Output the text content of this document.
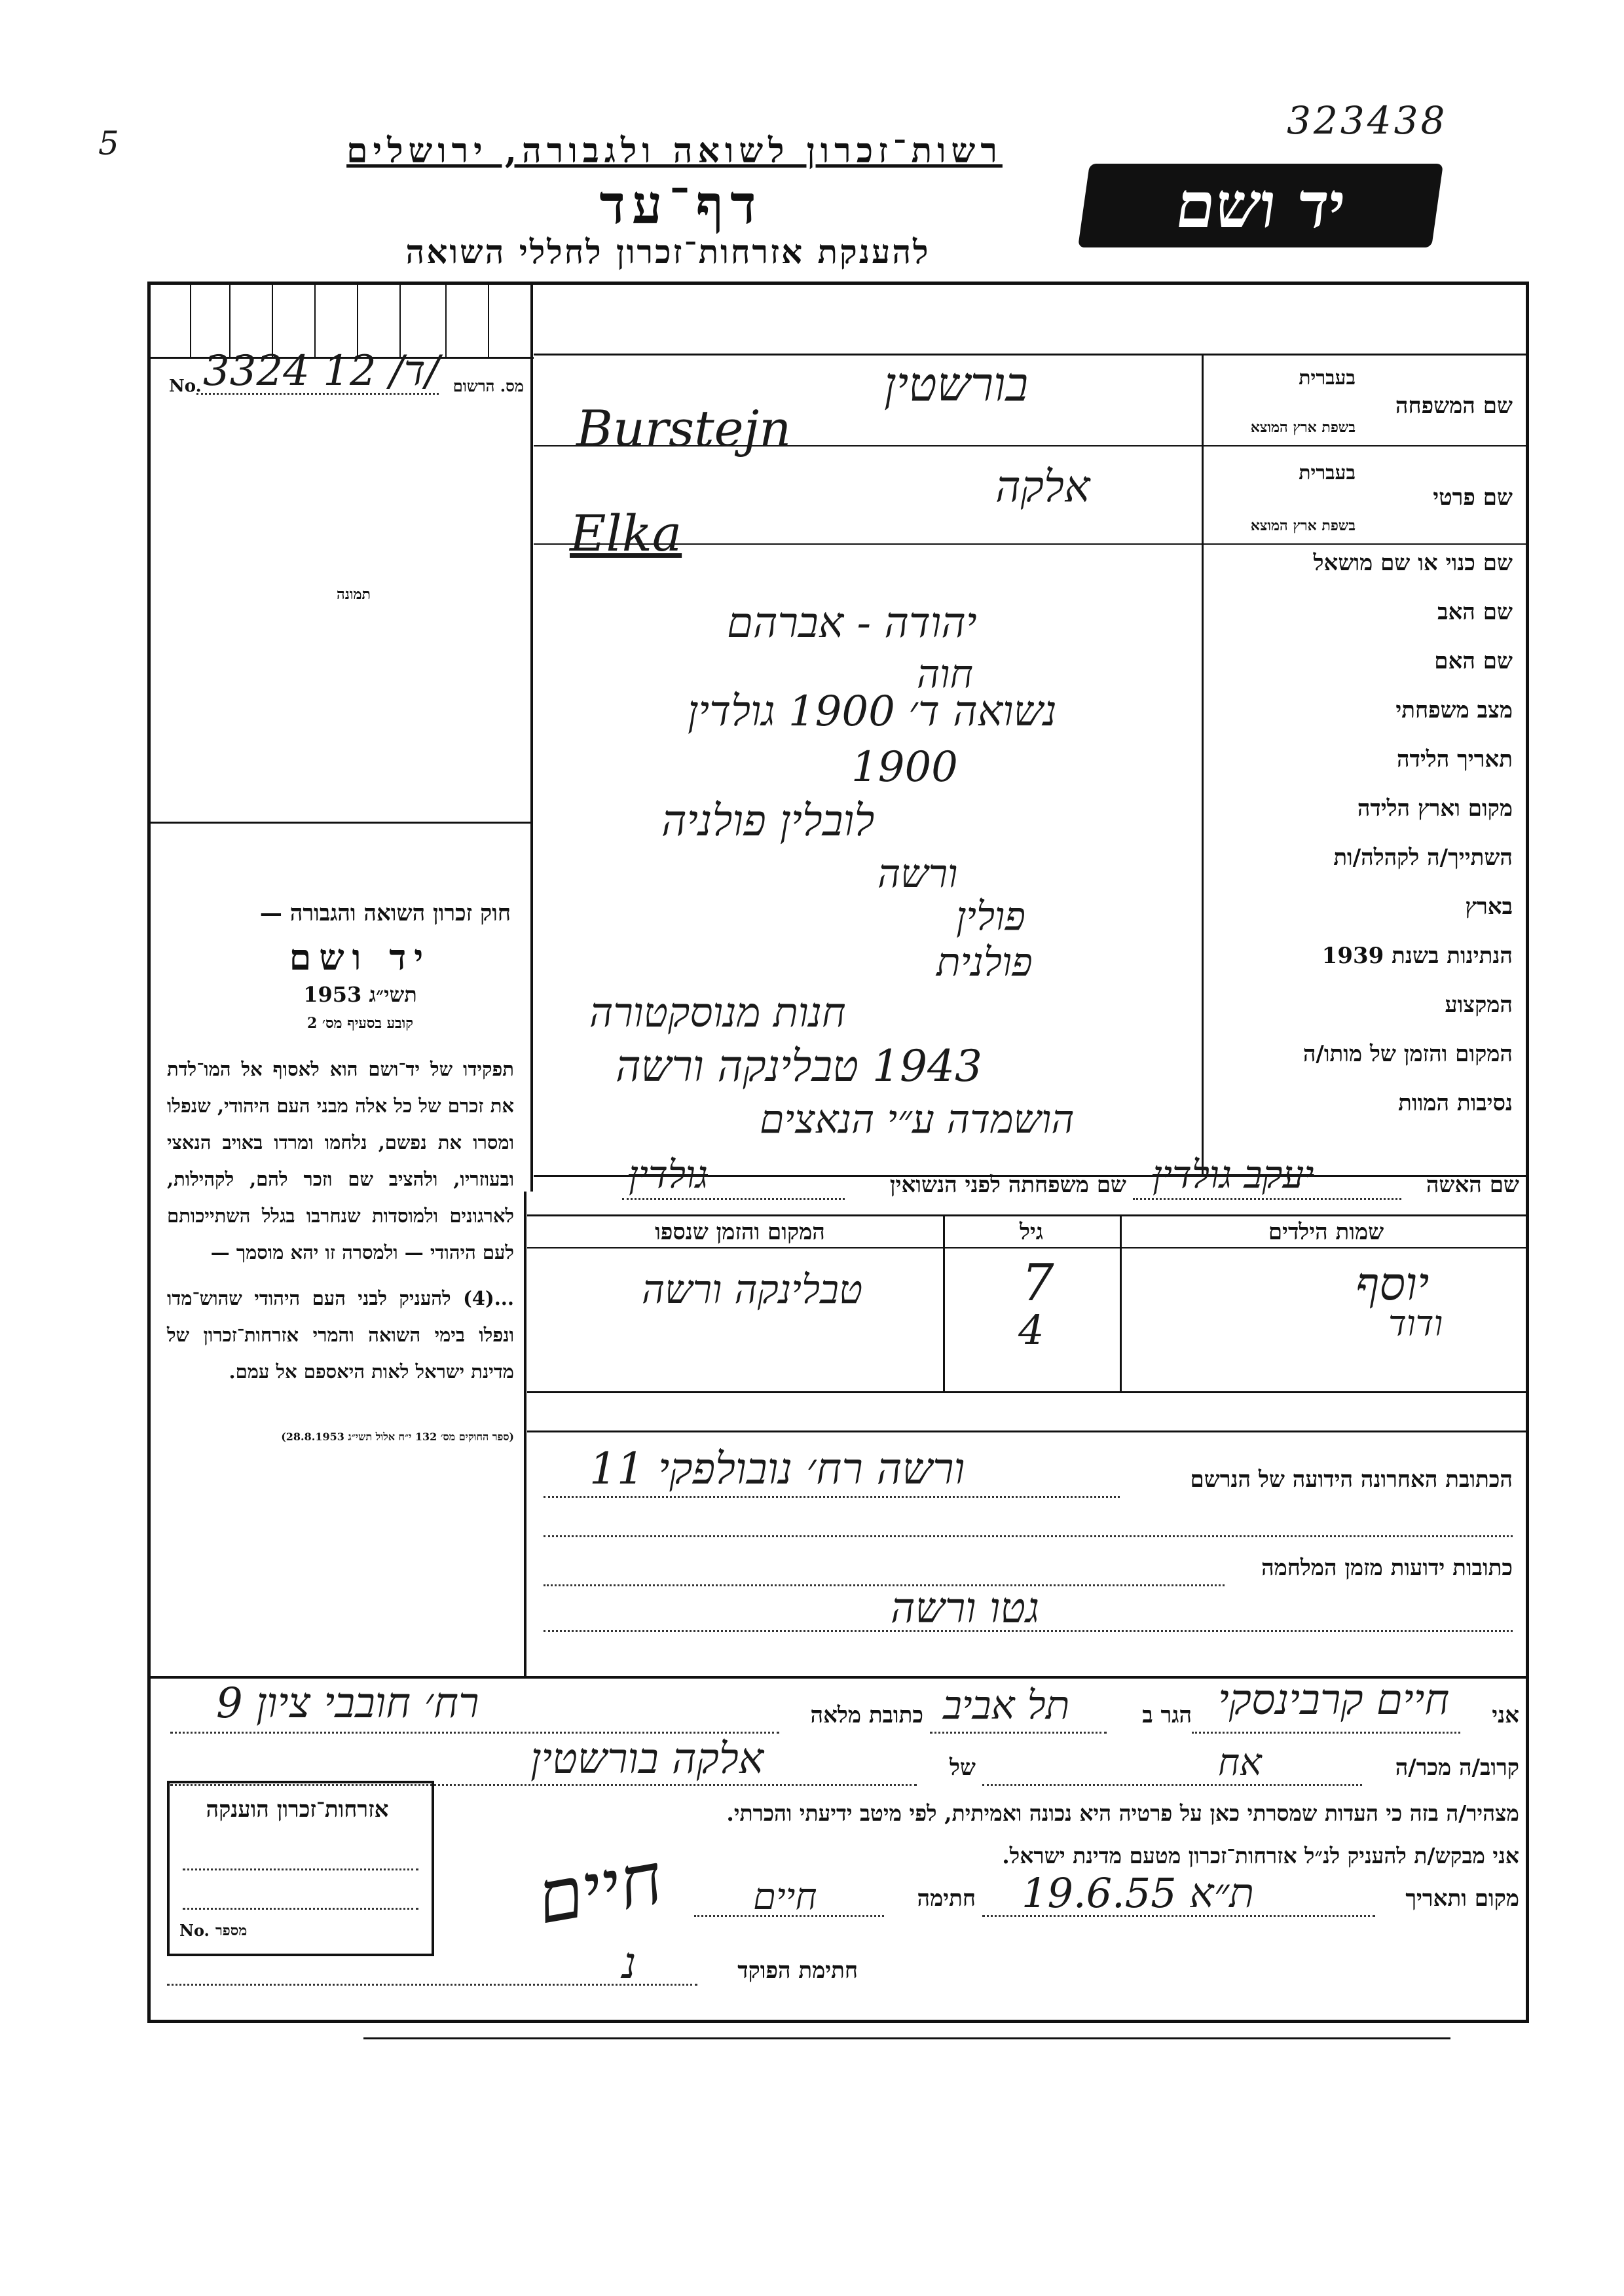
5
323438
רשות־זכרון לשואה ולגבורה, ירושלים
דף־עד
להענקת אזרחות־זכרון לחללי השואה
יד ושם
No. 3324 ד/ 12/ מס. הרשום
תמונה
חוק זכרון השואה והגבורה —
יד ושם
תשי״ג 1953
קובע בסעיף מס׳ 2
תפקידו של יד־ושם הוא לאסוף אל המו־לדת את זכרם של כל אלה מבני העם היהודי, שנפלו ומסרו את נפשם, נלחמו ומרדו באויב הנאצי ובעוזריו, ולהציב שם וזכר להם, לקהילות, לארגונים ולמוסדות שנחרבו בגלל השתייכותם לעם היהודי — ולמסרה זו יהא מוסמך —
...(4) להעניק לבני העם היהודי שהוש־מדו ונפלו בימי השואה והמרי אזרחות־זכרון של מדינת ישראל לאות היאספם אל עמם.
(ספר החוקים מס׳ 132 י״ח אלול תשי״ג 28.8.1953)
שם המשפחה
בעברית
בשפת ארץ המוצא
שם פרטי
בעברית
בשפת ארץ המוצא
שם כנוי או שם מושאל
שם האב
שם האם
מצב משפחתי
תאריך הלידה
מקום וארץ הלידה
השתייך/ה לקהלה/ות
בארץ
הנתינות בשנת 1939
המקצוע
המקום והזמן של מותו/ה
נסיבות המוות
בורשטין
Burstejn
אלקה
Elka
יהודה - אברהם
חוה
נשואה ד׳ 1900 גולדין
1900
לובלין פולניה
ורשה
פולין
פולנית
חנות מנוסקטורה
1943 טבלינקה ורשה
הושמדה ע״י הנאצים
שם האשה
יעקב גולדין
שם משפחתה לפני הנשואין
גולדין
שמות הילדים
גיל
המקום והזמן שנספו
יוסף
ודוד
7
4
טבלינקה ורשה
הכתובת האחרונה הידועה של הנרשם
ורשה רח׳ נובולפקי 11
כתובות ידועות מזמן המלחמה
גטו ורשה
אני
חיים קרבינסקי
הגר ב
תל אביב
כתובת מלאה
רח׳ חובבי ציון 9
קרוב/ה מכר/ה
אח
של
אלקה בורשטין
מצהיר/ה בזה כי העדות שמסרתי כאן על פרטיה היא נכונה ואמיתית, לפי מיטב ידיעתי והכרתי.
אני מבקש/ת להעניק לנ״ל אזרחות־זכרון מטעם מדינת ישראל.
מקום ותאריך
ת״א 19.6.55
חתימה
חיים
חיים
חתימת הפוקד
נ
אזרחות־זכרון הוענקה
No. מספר
